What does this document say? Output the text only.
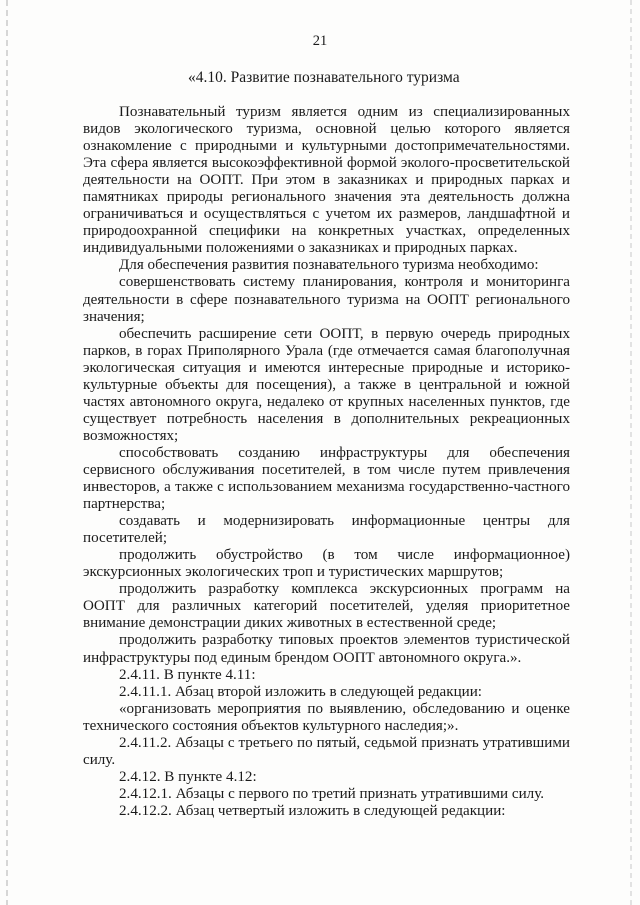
21
«4.10. Развитие познавательного туризма

Познавательный туризм является одним из специализированных видов экологического туризма, основной целью которого является ознакомление с природными и культурными достопримечательностями. Эта сфера является высокоэффективной формой эколого-просветительской деятельности на ООПТ. При этом в заказниках и природных парках и памятниках природы регионального значения эта деятельность должна ограничиваться и осуществляться с учетом их размеров, ландшафтной и природоохранной специфики на конкретных участках, определенных индивидуальными положениями о заказниках и природных парках.

Для обеспечения развития познавательного туризма необходимо:

совершенствовать систему планирования, контроля и мониторинга деятельности в сфере познавательного туризма на ООПТ регионального значения;

обеспечить расширение сети ООПТ, в первую очередь природных парков, в горах Приполярного Урала (где отмечается самая благополучная экологическая ситуация и имеются интересные природные и историко-культурные объекты для посещения), а также в центральной и южной частях автономного округа, недалеко от крупных населенных пунктов, где существует потребность населения в дополнительных рекреационных возможностях;

способствовать созданию инфраструктуры для обеспечения сервисного обслуживания посетителей, в том числе путем привлечения инвесторов, а также с использованием механизма государственно-частного партнерства;

создавать и модернизировать информационные центры для посетителей;

продолжить обустройство (в том числе информационное) экскурсионных экологических троп и туристических маршрутов;

продолжить разработку комплекса экскурсионных программ на ООПТ для различных категорий посетителей, уделяя приоритетное внимание демонстрации диких животных в естественной среде;

продолжить разработку типовых проектов элементов туристической инфраструктуры под единым брендом ООПТ автономного округа.».

2.4.11. В пункте 4.11:

2.4.11.1. Абзац второй изложить в следующей редакции:

«организовать мероприятия по выявлению, обследованию и оценке технического состояния объектов культурного наследия;».

2.4.11.2. Абзацы с третьего по пятый, седьмой признать утратившими силу.

2.4.12. В пункте 4.12:

2.4.12.1. Абзацы с первого по третий признать утратившими силу.

2.4.12.2. Абзац четвертый изложить в следующей редакции:
